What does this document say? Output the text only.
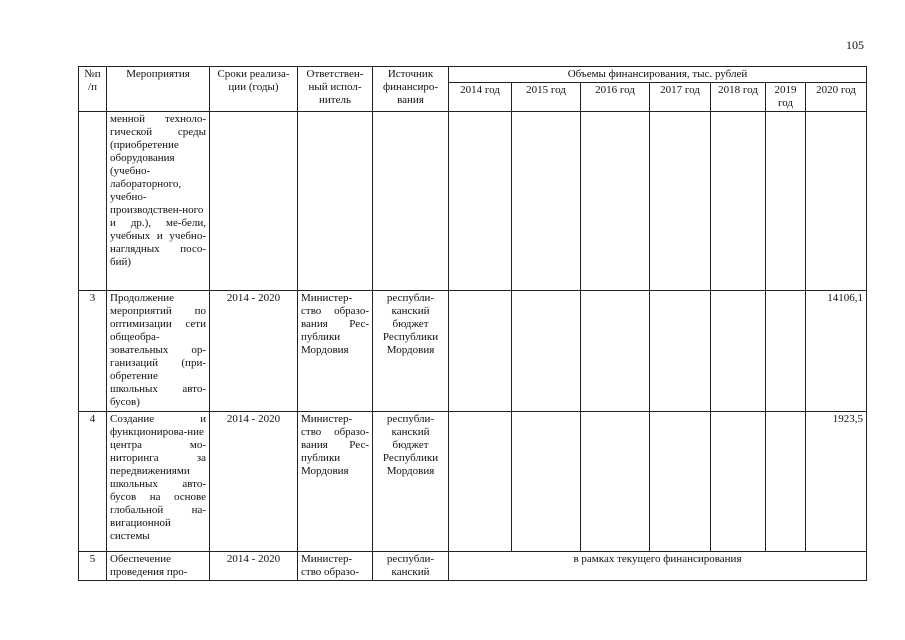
105
№п /п	Мероприятия	Сроки реализа-ции (годы)	Ответствен-ный испол-нитель	Источник финансиро-вания	Объемы финансирования, тыс. рублей						
					2014 год	2015 год	2016 год	2017 год	2018 год	2019 год	2020 год
	менной техноло-гической среды (приобретение оборудования (учебно-лабораторного, учебно-производствен-ного и др.), ме-бели, учебных и учебно-наглядных посо-бий)										
3	Продолжение мероприятий по оптимизации сети общеобра-зовательных ор-ганизаций (при-обретение школьных авто-бусов)	2014 - 2020	Министер-ство образо-вания Рес-публики Мордовия	республи-канский бюджет Республики Мордовия							14106,1
4	Создание и функционирова-ние центра мо-ниторинга за передвижениями школьных авто-бусов на основе глобальной на-вигационной системы	2014 - 2020	Министер-ство образо-вания Рес-публики Мордовия	республи-канский бюджет Республики Мордовия							1923,5
5	Обеспечение проведения про-	2014 - 2020	Министер-ство образо-	республи-канский	в рамках текущего финансирования						
